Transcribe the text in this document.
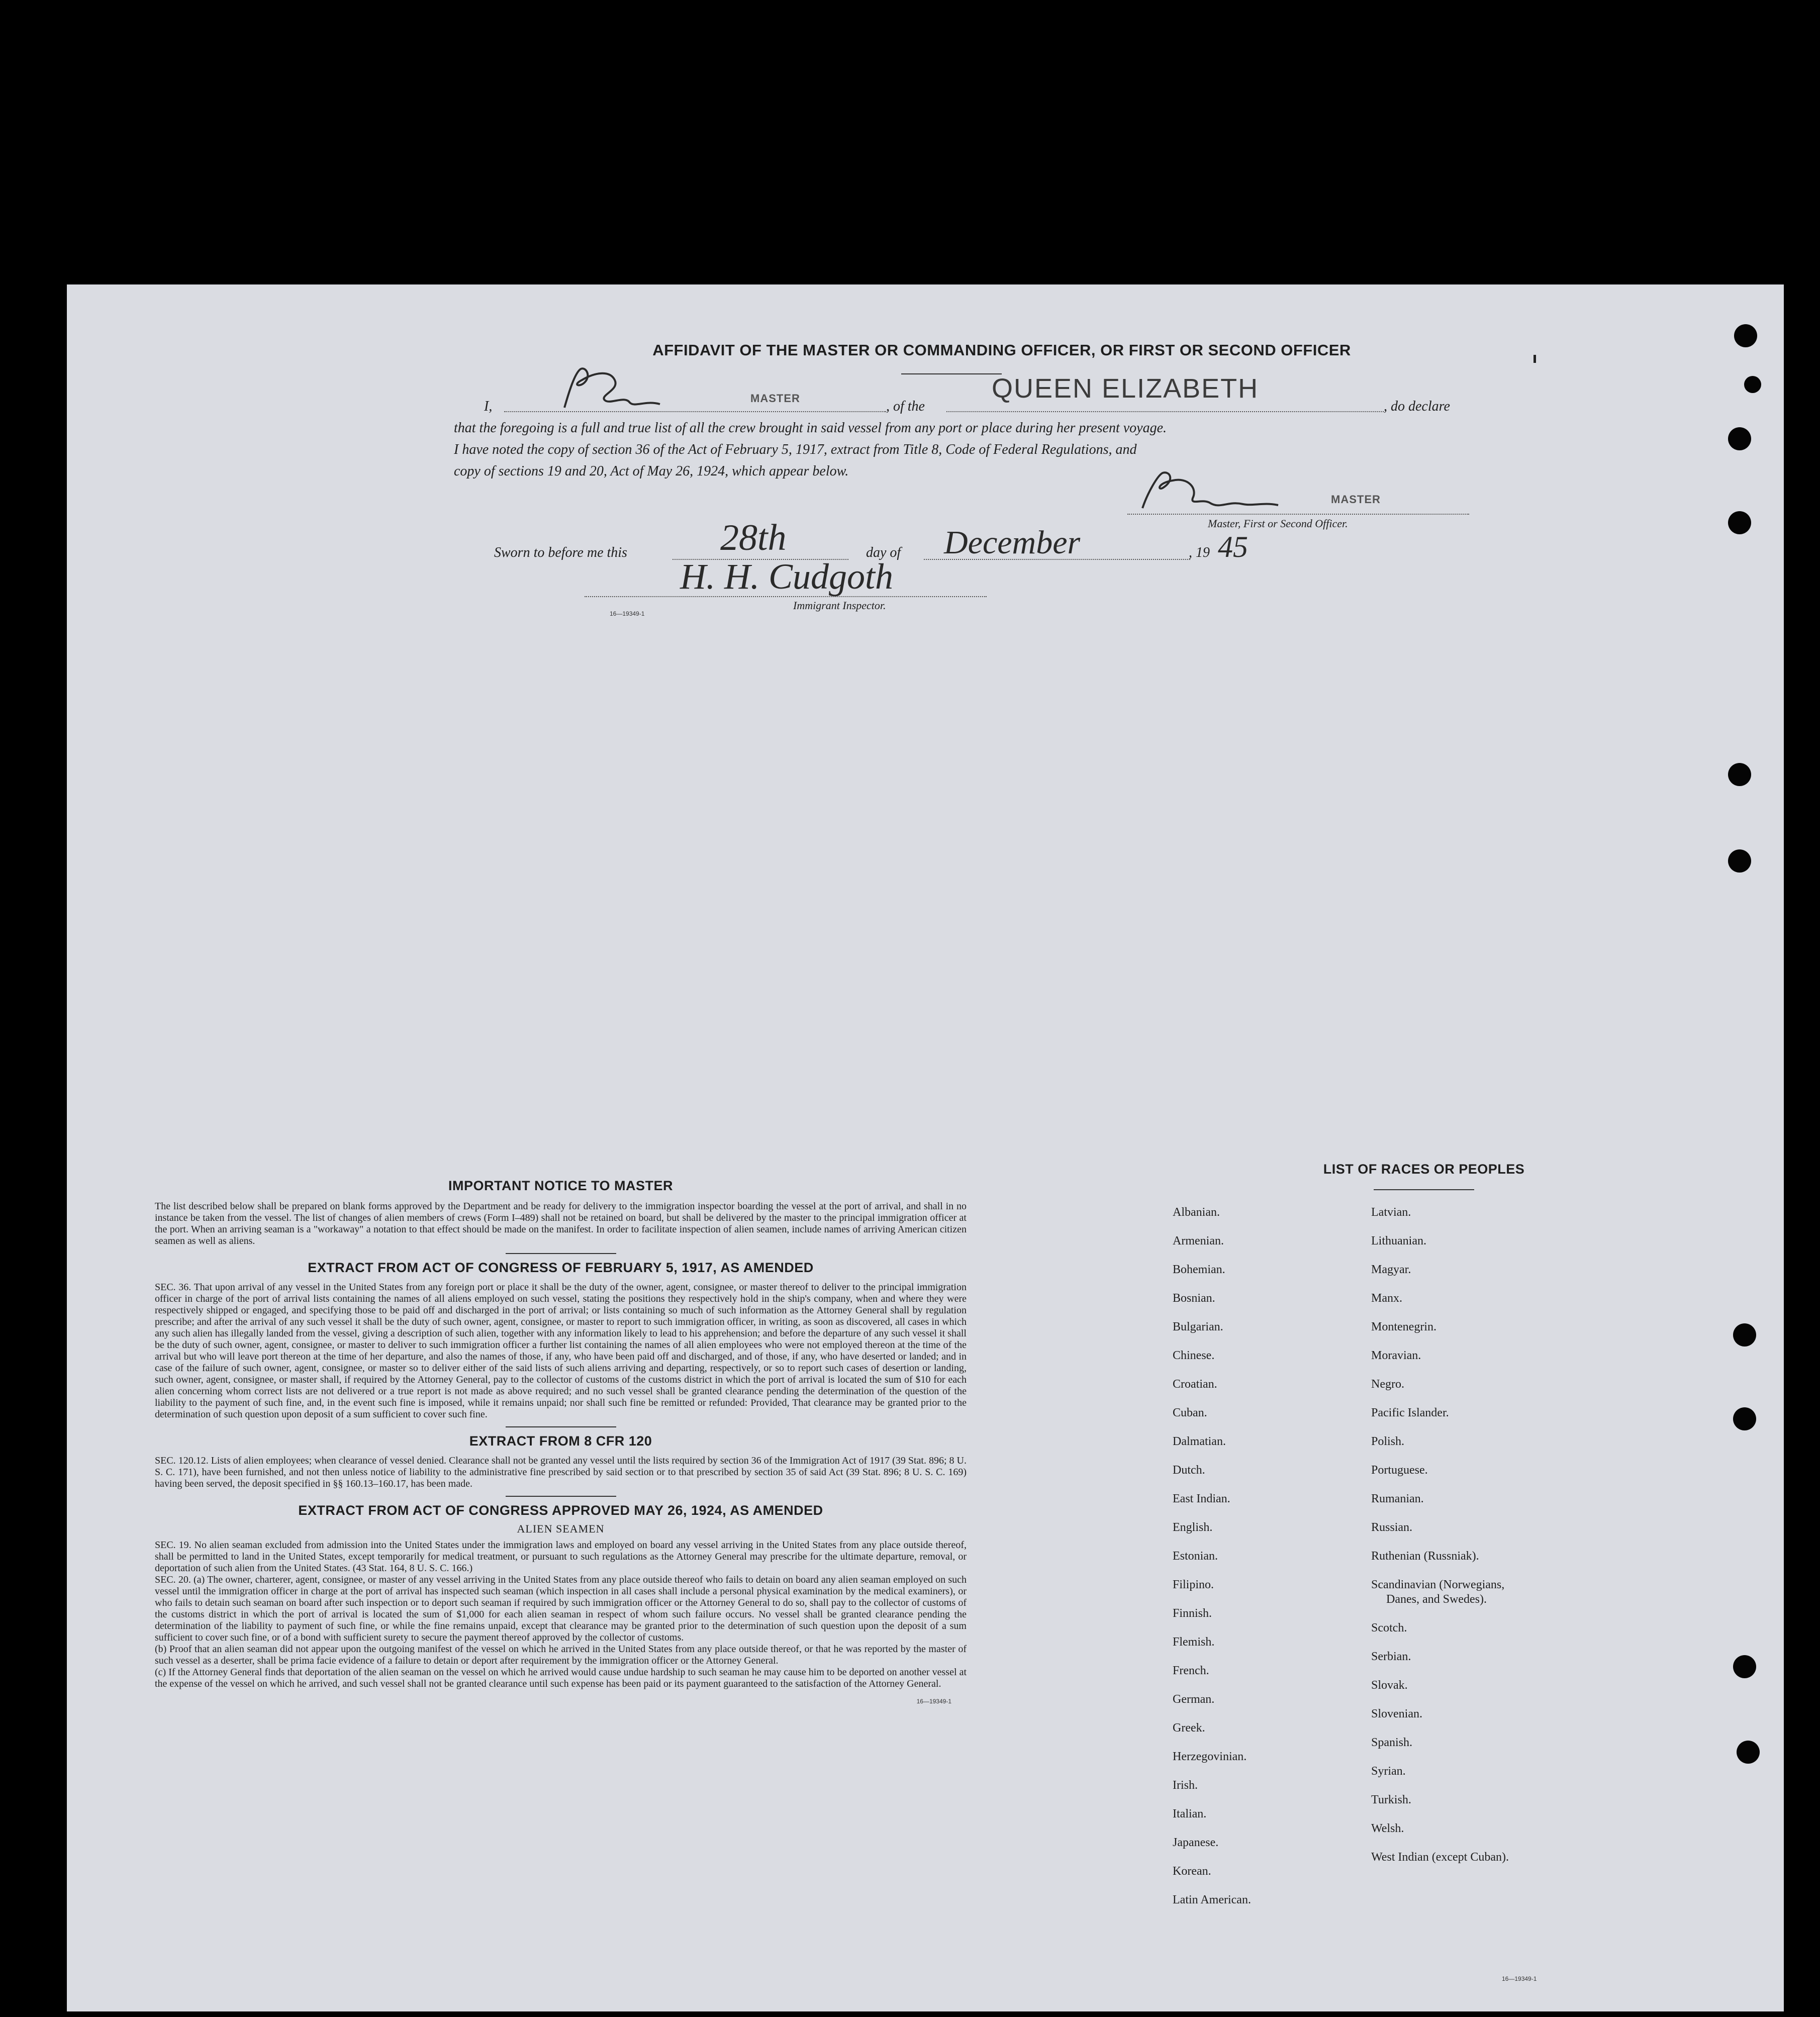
AFFIDAVIT OF THE MASTER OR COMMANDING OFFICER, OR FIRST OR SECOND OFFICER
I,
MASTER
, of the
QUEEN ELIZABETH
, do declare
that the foregoing is a full and true list of all the crew brought in said vessel from any port or place during her present voyage.
I have noted the copy of section 36 of the Act of February 5, 1917, extract from Title 8, Code of Federal Regulations, and
copy of sections 19 and 20, Act of May 26, 1924, which appear below.
MASTER
Master, First or Second Officer.
Sworn to before me this	28th	day of December	, 19 45
H. H. Cudgoth
Immigrant Inspector.
16—19349-1
IMPORTANT NOTICE TO MASTER

The list described below shall be prepared on blank forms approved by the Department and be ready for delivery to the immigration inspector boarding the vessel at the port of arrival, and shall in no instance be taken from the vessel. The list of changes of alien members of crews (Form I–489) shall not be retained on board, but shall be delivered by the master to the principal immigration officer at the port. When an arriving seaman is a "workaway" a notation to that effect should be made on the manifest. In order to facilitate inspection of alien seamen, include names of arriving American citizen seamen as well as aliens.

EXTRACT FROM ACT OF CONGRESS OF FEBRUARY 5, 1917, AS AMENDED

SEC. 36. That upon arrival of any vessel in the United States from any foreign port or place it shall be the duty of the owner, agent, consignee, or master thereof to deliver to the principal immigration officer in charge of the port of arrival lists containing the names of all aliens employed on such vessel, stating the positions they respectively hold in the ship's company, when and where they were respectively shipped or engaged, and specifying those to be paid off and discharged in the port of arrival; or lists containing so much of such information as the Attorney General shall by regulation prescribe; and after the arrival of any such vessel it shall be the duty of such owner, agent, consignee, or master to report to such immigration officer, in writing, as soon as discovered, all cases in which any such alien has illegally landed from the vessel, giving a description of such alien, together with any information likely to lead to his apprehension; and before the departure of any such vessel it shall be the duty of such owner, agent, consignee, or master to deliver to such immigration officer a further list containing the names of all alien employees who were not employed thereon at the time of the arrival but who will leave port thereon at the time of her departure, and also the names of those, if any, who have been paid off and discharged, and of those, if any, who have deserted or landed; and in case of the failure of such owner, agent, consignee, or master so to deliver either of the said lists of such aliens arriving and departing, respectively, or so to report such cases of desertion or landing, such owner, agent, consignee, or master shall, if required by the Attorney General, pay to the collector of customs of the customs district in which the port of arrival is located the sum of $10 for each alien concerning whom correct lists are not delivered or a true report is not made as above required; and no such vessel shall be granted clearance pending the determination of the question of the liability to the payment of such fine, and, in the event such fine is imposed, while it remains unpaid; nor shall such fine be remitted or refunded: Provided, That clearance may be granted prior to the determination of such question upon deposit of a sum sufficient to cover such fine.

EXTRACT FROM 8 CFR 120

SEC. 120.12. Lists of alien employees; when clearance of vessel denied. Clearance shall not be granted any vessel until the lists required by section 36 of the Immigration Act of 1917 (39 Stat. 896; 8 U. S. C. 171), have been furnished, and not then unless notice of liability to the administrative fine prescribed by said section or to that prescribed by section 35 of said Act (39 Stat. 896; 8 U. S. C. 169) having been served, the deposit specified in §§ 160.13–160.17, has been made.

EXTRACT FROM ACT OF CONGRESS APPROVED MAY 26, 1924, AS AMENDED
ALIEN SEAMEN

SEC. 19. No alien seaman excluded from admission into the United States under the immigration laws and employed on board any vessel arriving in the United States from any place outside thereof, shall be permitted to land in the United States, except temporarily for medical treatment, or pursuant to such regulations as the Attorney General may prescribe for the ultimate departure, removal, or deportation of such alien from the United States. (43 Stat. 164, 8 U. S. C. 166.)

SEC. 20. (a) The owner, charterer, agent, consignee, or master of any vessel arriving in the United States from any place outside thereof who fails to detain on board any alien seaman employed on such vessel until the immigration officer in charge at the port of arrival has inspected such seaman (which inspection in all cases shall include a personal physical examination by the medical examiners), or who fails to detain such seaman on board after such inspection or to deport such seaman if required by such immigration officer or the Attorney General to do so, shall pay to the collector of customs of the customs district in which the port of arrival is located the sum of $1,000 for each alien seaman in respect of whom such failure occurs. No vessel shall be granted clearance pending the determination of the liability to payment of such fine, or while the fine remains unpaid, except that clearance may be granted prior to the determination of such question upon the deposit of a sum sufficient to cover such fine, or of a bond with sufficient surety to secure the payment thereof approved by the collector of customs.

(b) Proof that an alien seaman did not appear upon the outgoing manifest of the vessel on which he arrived in the United States from any place outside thereof, or that he was reported by the master of such vessel as a deserter, shall be prima facie evidence of a failure to detain or deport after requirement by the immigration officer or the Attorney General.

(c) If the Attorney General finds that deportation of the alien seaman on the vessel on which he arrived would cause undue hardship to such seaman he may cause him to be deported on another vessel at the expense of the vessel on which he arrived, and such vessel shall not be granted clearance until such expense has been paid or its payment guaranteed to the satisfaction of the Attorney General.

16—19349-1
LIST OF RACES OR PEOPLES
Albanian.
Armenian.
Bohemian.
Bosnian.
Bulgarian.
Chinese.
Croatian.
Cuban.
Dalmatian.
Dutch.
East Indian.
English.
Estonian.
Filipino.
Finnish.
Flemish.
French.
German.
Greek.
Herzegovinian.
Irish.
Italian.
Japanese.
Korean.
Latin American.
Latvian.
Lithuanian.
Magyar.
Manx.
Montenegrin.
Moravian.
Negro.
Pacific Islander.
Polish.
Portuguese.
Rumanian.
Russian.
Ruthenian (Russniak).
Scandinavian (Norwegians,
Danes, and Swedes).
Scotch.
Serbian.
Slovak.
Slovenian.
Spanish.
Syrian.
Turkish.
Welsh.
West Indian (except Cuban).
16—19349-1
